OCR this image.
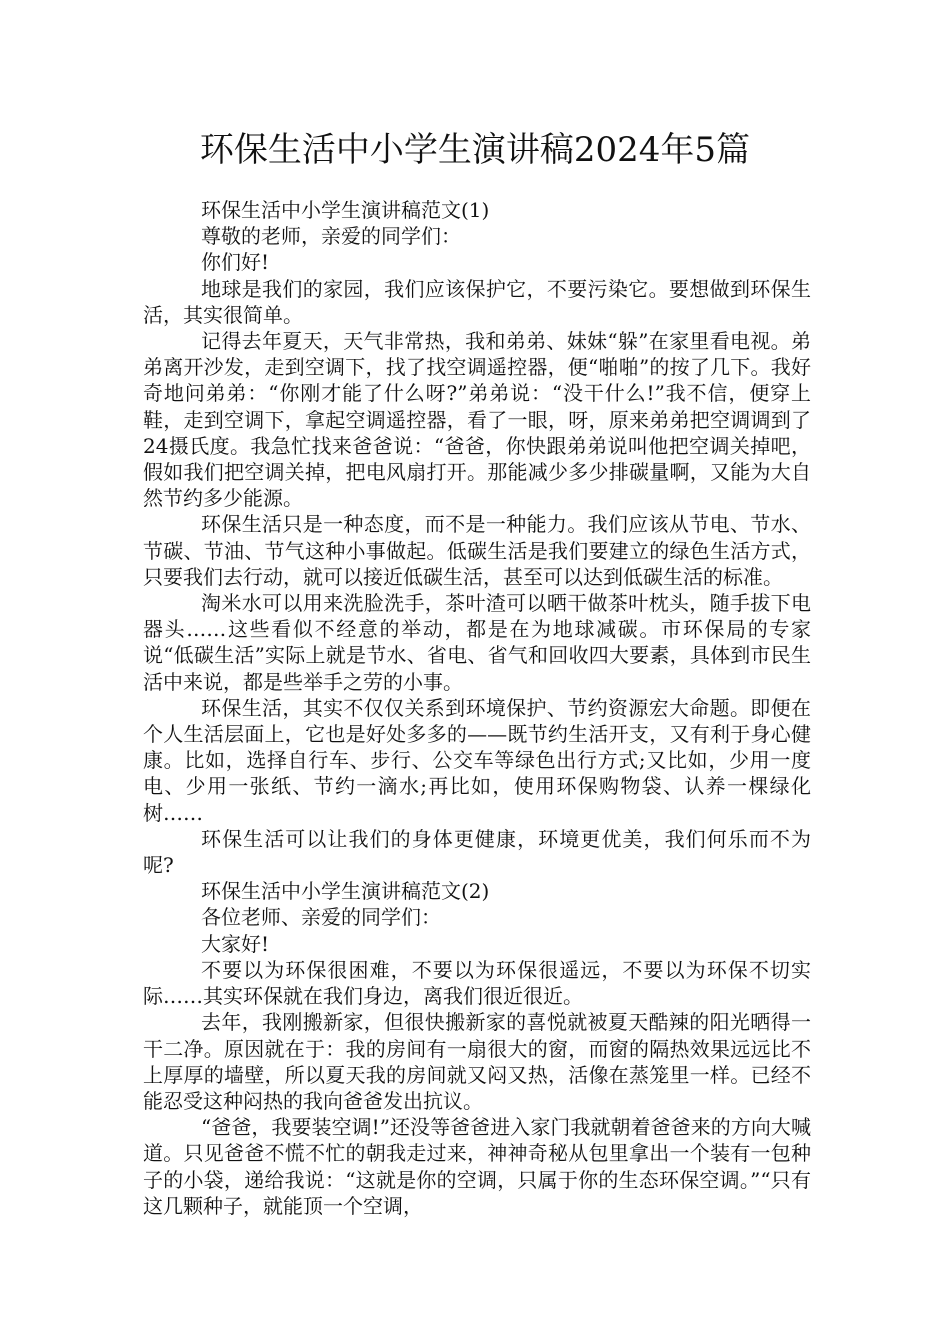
环保生活中小学生演讲稿2024年5篇

环保生活中小学生演讲稿范文(1)

尊敬的老师，亲爱的同学们：

你们好!

地球是我们的家园，我们应该保护它，不要污染它。要想做到环保生活，其实很简单。

记得去年夏天，天气非常热，我和弟弟、妹妹“躲”在家里看电视。弟弟离开沙发，走到空调下，找了找空调遥控器，便“啪啪”的按了几下。我好奇地问弟弟：“你刚才能了什么呀?”弟弟说：“没干什么!”我不信，便穿上鞋，走到空调下，拿起空调遥控器，看了一眼，呀，原来弟弟把空调调到了24摄氏度。我急忙找来爸爸说：“爸爸，你快跟弟弟说叫他把空调关掉吧，假如我们把空调关掉，把电风扇打开。那能减少多少排碳量啊，又能为大自然节约多少能源。

环保生活只是一种态度，而不是一种能力。我们应该从节电、节水、节碳、节油、节气这种小事做起。低碳生活是我们要建立的绿色生活方式，只要我们去行动，就可以接近低碳生活，甚至可以达到低碳生活的标准。

淘米水可以用来洗脸洗手，茶叶渣可以晒干做茶叶枕头，随手拔下电器头……这些看似不经意的举动，都是在为地球减碳。市环保局的专家说“低碳生活”实际上就是节水、省电、省气和回收四大要素，具体到市民生活中来说，都是些举手之劳的小事。

环保生活，其实不仅仅关系到环境保护、节约资源宏大命题。即便在个人生活层面上，它也是好处多多的——既节约生活开支，又有利于身心健康。比如，选择自行车、步行、公交车等绿色出行方式;又比如，少用一度电、少用一张纸、节约一滴水;再比如，使用环保购物袋、认养一棵绿化树……

环保生活可以让我们的身体更健康，环境更优美，我们何乐而不为呢?

环保生活中小学生演讲稿范文(2)

各位老师、亲爱的同学们：

大家好!

不要以为环保很困难，不要以为环保很遥远，不要以为环保不切实际……其实环保就在我们身边，离我们很近很近。

去年，我刚搬新家，但很快搬新家的喜悦就被夏天酷辣的阳光晒得一干二净。原因就在于：我的房间有一扇很大的窗，而窗的隔热效果远远比不上厚厚的墙壁，所以夏天我的房间就又闷又热，活像在蒸笼里一样。已经不能忍受这种闷热的我向爸爸发出抗议。

“爸爸，我要装空调!”还没等爸爸进入家门我就朝着爸爸来的方向大喊道。只见爸爸不慌不忙的朝我走过来，神神奇秘从包里拿出一个装有一包种子的小袋，递给我说：“这就是你的空调，只属于你的生态环保空调。”“只有这几颗种子，就能顶一个空调，
